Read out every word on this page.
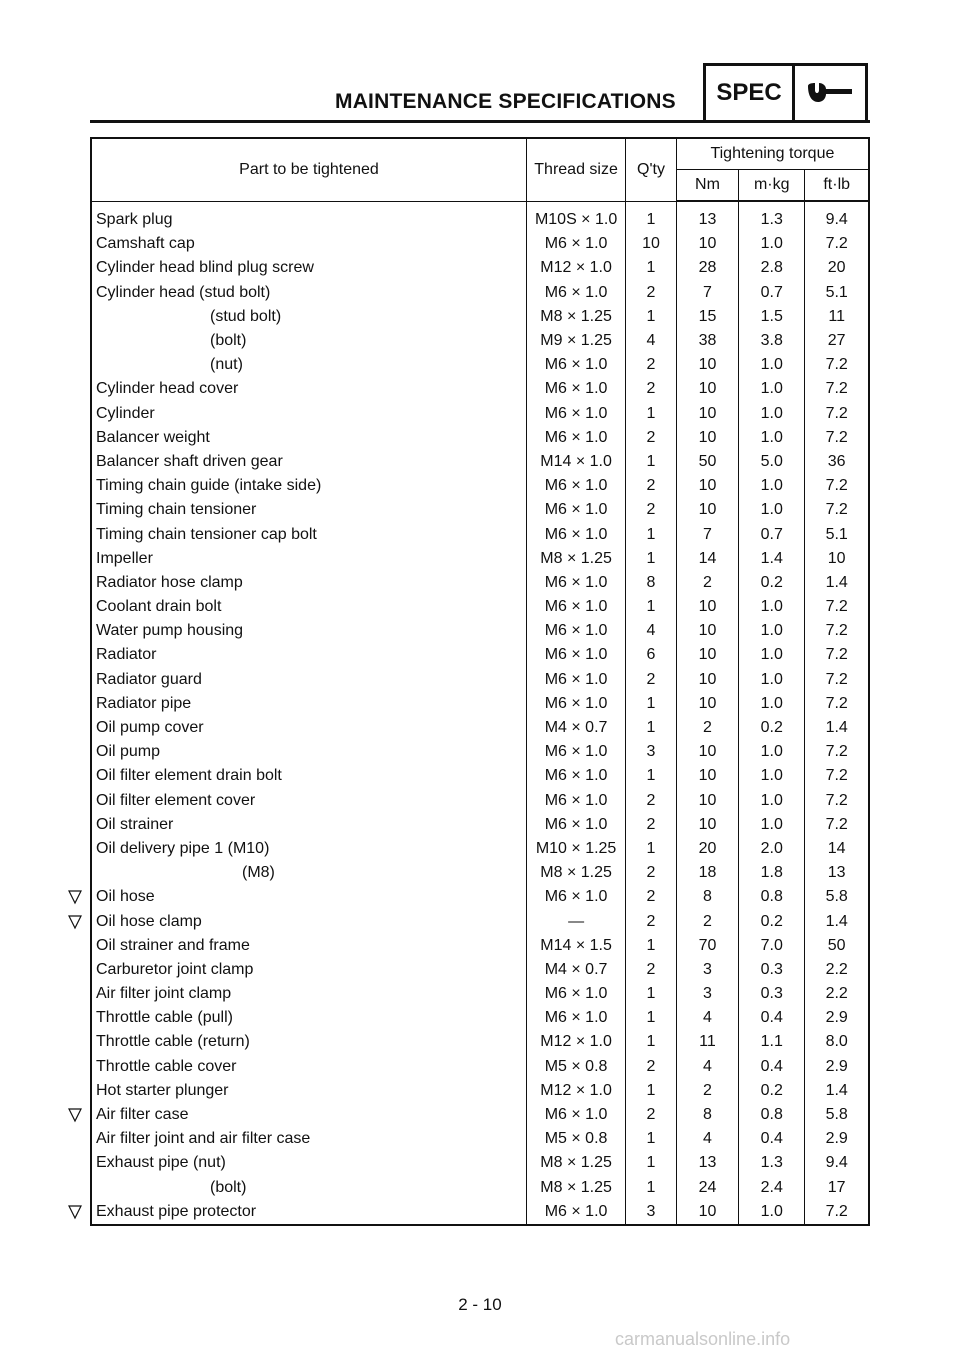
MAINTENANCE SPECIFICATIONS	SPEC
Part to be tightened	Thread size	Q'ty	Tightening torque		
			Nm	m·kg	ft·lb

Spark plug	M10S × 1.0	1	13	1.3	9.4
Camshaft cap	M6 × 1.0	10	10	1.0	7.2
Cylinder head blind plug screw	M12 × 1.0	1	28	2.8	20
Cylinder head (stud bolt)	M6 × 1.0	2	7	0.7	5.1
(stud bolt)	M8 × 1.25	1	15	1.5	11
(bolt)	M9 × 1.25	4	38	3.8	27
(nut)	M6 × 1.0	2	10	1.0	7.2
Cylinder head cover	M6 × 1.0	2	10	1.0	7.2
Cylinder	M6 × 1.0	1	10	1.0	7.2
Balancer weight	M6 × 1.0	2	10	1.0	7.2
Balancer shaft driven gear	M14 × 1.0	1	50	5.0	36
Timing chain guide (intake side)	M6 × 1.0	2	10	1.0	7.2
Timing chain tensioner	M6 × 1.0	2	10	1.0	7.2
Timing chain tensioner cap bolt	M6 × 1.0	1	7	0.7	5.1
Impeller	M8 × 1.25	1	14	1.4	10
Radiator hose clamp	M6 × 1.0	8	2	0.2	1.4
Coolant drain bolt	M6 × 1.0	1	10	1.0	7.2
Water pump housing	M6 × 1.0	4	10	1.0	7.2
Radiator	M6 × 1.0	6	10	1.0	7.2
Radiator guard	M6 × 1.0	2	10	1.0	7.2
Radiator pipe	M6 × 1.0	1	10	1.0	7.2
Oil pump cover	M4 × 0.7	1	2	0.2	1.4
Oil pump	M6 × 1.0	3	10	1.0	7.2
Oil filter element drain bolt	M6 × 1.0	1	10	1.0	7.2
Oil filter element cover	M6 × 1.0	2	10	1.0	7.2
Oil strainer	M6 × 1.0	2	10	1.0	7.2
Oil delivery pipe 1 (M10)	M10 × 1.25	1	20	2.0	14
(M8)	M8 × 1.25	2	18	1.8	13
Oil hose	M6 × 1.0	2	8	0.8	5.8
Oil hose clamp	—	2	2	0.2	1.4
Oil strainer and frame	M14 × 1.5	1	70	7.0	50
Carburetor joint clamp	M4 × 0.7	2	3	0.3	2.2
Air filter joint clamp	M6 × 1.0	1	3	0.3	2.2
Throttle cable (pull)	M6 × 1.0	1	4	0.4	2.9
Throttle cable (return)	M12 × 1.0	1	11	1.1	8.0
Throttle cable cover	M5 × 0.8	2	4	0.4	2.9
Hot starter plunger	M12 × 1.0	1	2	0.2	1.4
Air filter case	M6 × 1.0	2	8	0.8	5.8
Air filter joint and air filter case	M5 × 0.8	1	4	0.4	2.9
Exhaust pipe (nut)	M8 × 1.25	1	13	1.3	9.4
(bolt)	M8 × 1.25	1	24	2.4	17
Exhaust pipe protector	M6 × 1.0	3	10	1.0	7.2
2 - 10
carmanualsonline.info
